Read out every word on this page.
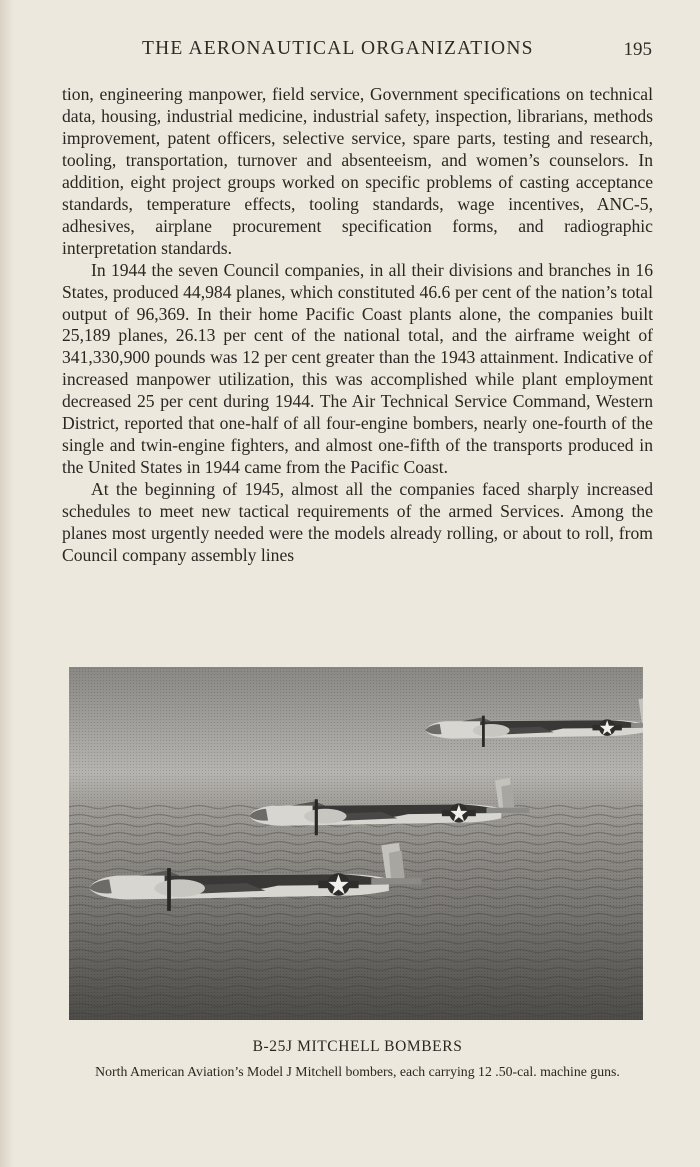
THE AERONAUTICAL ORGANIZATIONS	195

tion, engineering manpower, field service, Government specifications on technical data, housing, industrial medicine, industrial safety, inspection, librarians, methods improvement, patent officers, selective service, spare parts, testing and research, tooling, transportation, turnover and absenteeism, and women’s counselors. In addition, eight project groups worked on specific problems of casting acceptance standards, temperature effects, tooling standards, wage incentives, ANC-5, adhesives, airplane procurement specification forms, and radiographic interpretation standards.

In 1944 the seven Council companies, in all their divisions and branches in 16 States, produced 44,984 planes, which constituted 46.6 per cent of the nation’s total output of 96,369. In their home Pacific Coast plants alone, the companies built 25,189 planes, 26.13 per cent of the national total, and the airframe weight of 341,330,900 pounds was 12 per cent greater than the 1943 attainment. Indicative of increased manpower utilization, this was accomplished while plant employment decreased 25 per cent during 1944. The Air Technical Service Command, Western District, reported that one-half of all four-engine bombers, nearly one-fourth of the single and twin-engine fighters, and almost one-fifth of the transports produced in the United States in 1944 came from the Pacific Coast.

At the beginning of 1945, almost all the companies faced sharply increased schedules to meet new tactical requirements of the armed Services. Among the planes most urgently needed were the models already rolling, or about to roll, from Council company assembly lines

B-25J MITCHELL BOMBERS
North American Aviation’s Model J Mitchell bombers, each carrying 12 .50-cal. machine guns.
